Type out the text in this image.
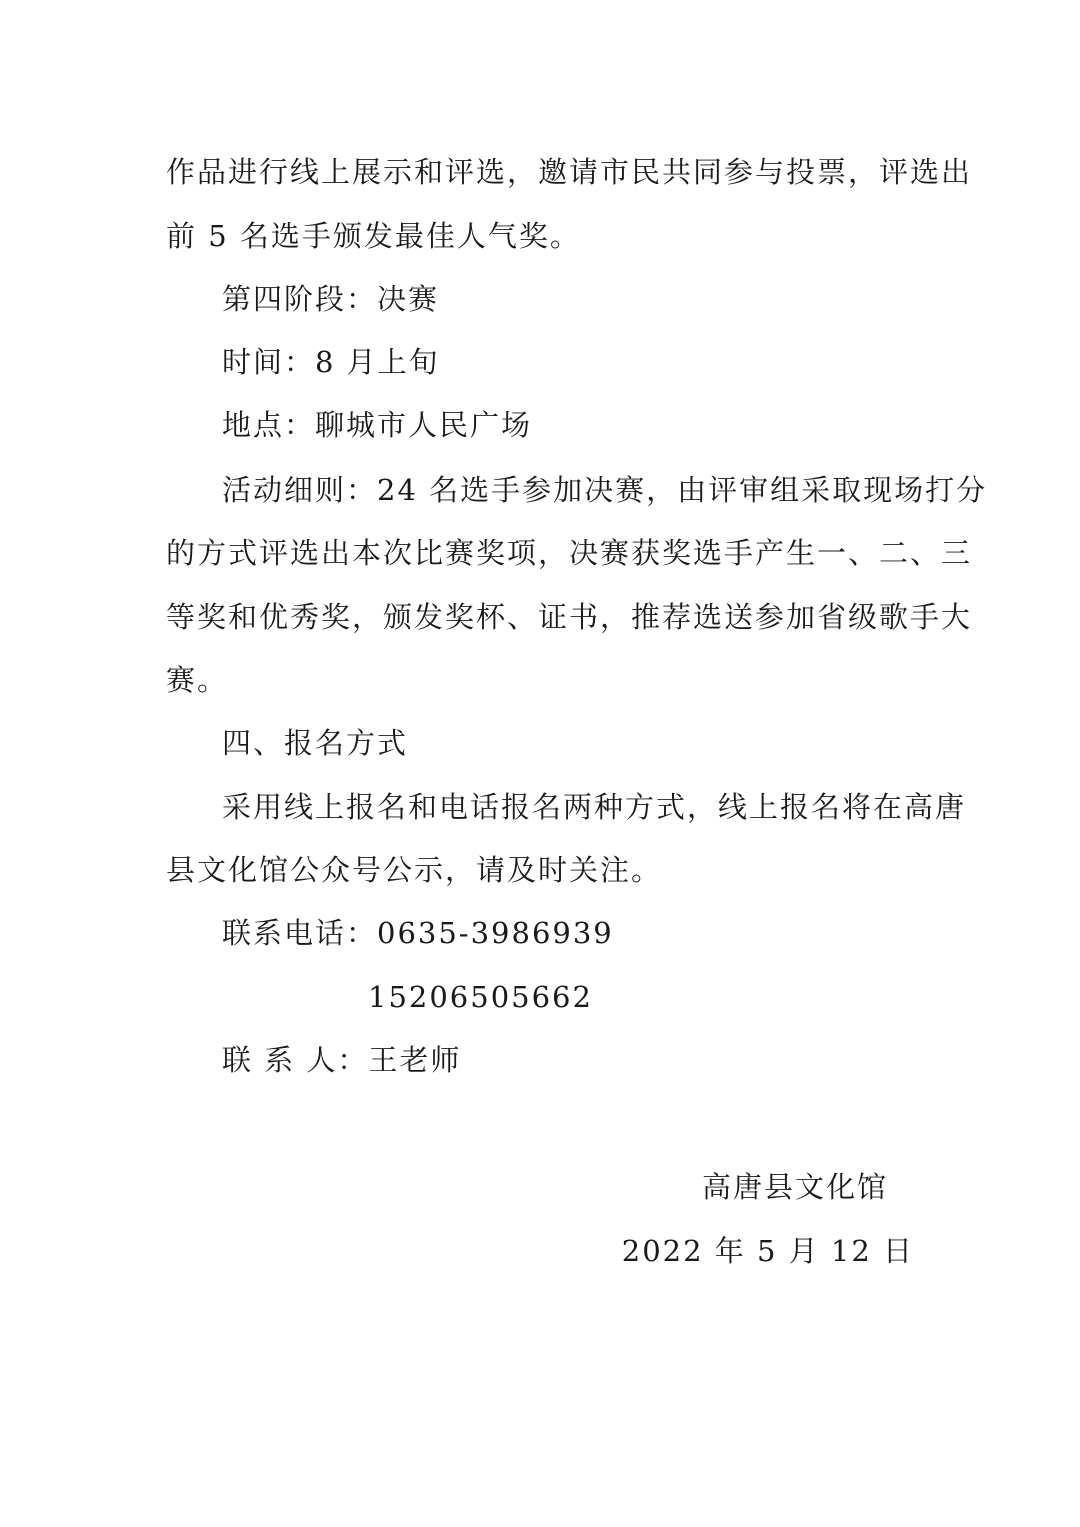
作品进行线上展示和评选，邀请市民共同参与投票，评选出
前 5 名选手颁发最佳人气奖。
第四阶段：决赛
时间：8 月上旬
地点：聊城市人民广场
活动细则：24 名选手参加决赛，由评审组采取现场打分
的方式评选出本次比赛奖项，决赛获奖选手产生一、二、三
等奖和优秀奖，颁发奖杯、证书，推荐选送参加省级歌手大
赛。
四、报名方式
采用线上报名和电话报名两种方式，线上报名将在高唐
县文化馆公众号公示，请及时关注。
联系电话：0635-3986939
15206505662
联 系 人：王老师
高唐县文化馆
2022 年 5 月 12 日
